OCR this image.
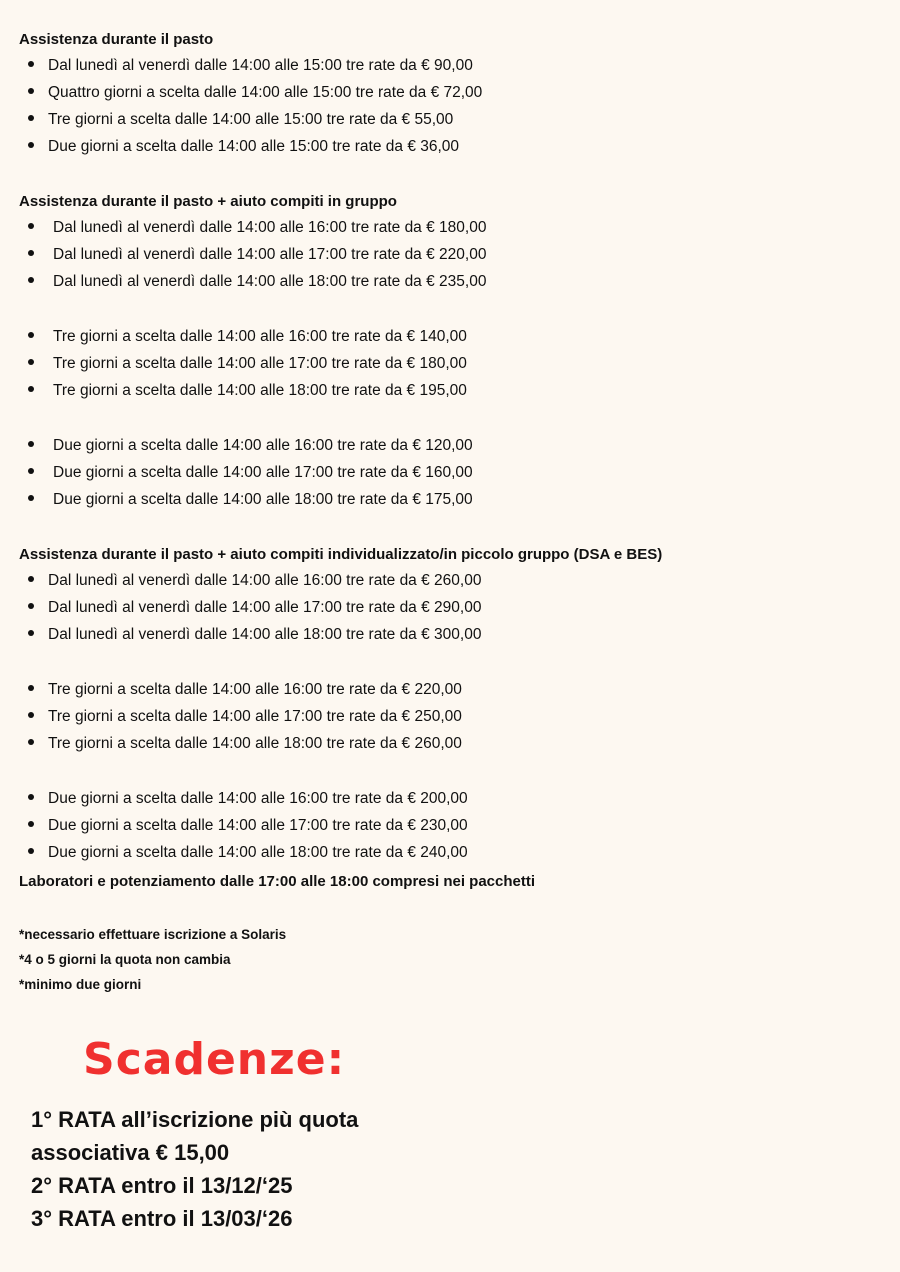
Assistenza durante il pasto
Dal lunedì al venerdì dalle 14:00 alle 15:00 tre rate da € 90,00
Quattro giorni a scelta dalle 14:00 alle 15:00 tre rate da € 72,00
Tre giorni a scelta dalle 14:00 alle 15:00 tre rate da € 55,00
Due giorni a scelta dalle 14:00 alle 15:00 tre rate da € 36,00
Assistenza durante il pasto + aiuto compiti in gruppo
Dal lunedì al venerdì dalle 14:00 alle 16:00 tre rate da € 180,00
Dal lunedì al venerdì dalle 14:00 alle 17:00 tre rate da € 220,00
Dal lunedì al venerdì dalle 14:00 alle 18:00 tre rate da € 235,00
Tre giorni a scelta dalle 14:00 alle 16:00 tre rate da € 140,00
Tre giorni a scelta dalle 14:00 alle 17:00 tre rate da € 180,00
Tre giorni a scelta dalle 14:00 alle 18:00 tre rate da € 195,00
Due giorni a scelta dalle 14:00 alle 16:00 tre rate da € 120,00
Due giorni a scelta dalle 14:00 alle 17:00 tre rate da € 160,00
Due giorni a scelta dalle 14:00 alle 18:00 tre rate da € 175,00
Assistenza durante il pasto + aiuto compiti individualizzato/in piccolo gruppo (DSA e BES)
Dal lunedì al venerdì dalle 14:00 alle 16:00 tre rate da € 260,00
Dal lunedì al venerdì dalle 14:00 alle 17:00 tre rate da € 290,00
Dal lunedì al venerdì dalle 14:00 alle 18:00 tre rate da € 300,00
Tre giorni a scelta dalle 14:00 alle 16:00 tre rate da € 220,00
Tre giorni a scelta dalle 14:00 alle 17:00 tre rate da € 250,00
Tre giorni a scelta dalle 14:00 alle 18:00 tre rate da € 260,00
Due giorni a scelta dalle 14:00 alle 16:00 tre rate da € 200,00
Due giorni a scelta dalle 14:00 alle 17:00 tre rate da € 230,00
Due giorni a scelta dalle 14:00 alle 18:00 tre rate da € 240,00
Laboratori e potenziamento dalle 17:00 alle 18:00 compresi nei pacchetti
*necessario effettuare iscrizione a Solaris
*4 o 5 giorni la quota non cambia
*minimo due giorni
Scadenze:
1° RATA all’iscrizione più quota
associativa € 15,00
2° RATA entro il 13/12/‘25
3° RATA entro il 13/03/‘26
